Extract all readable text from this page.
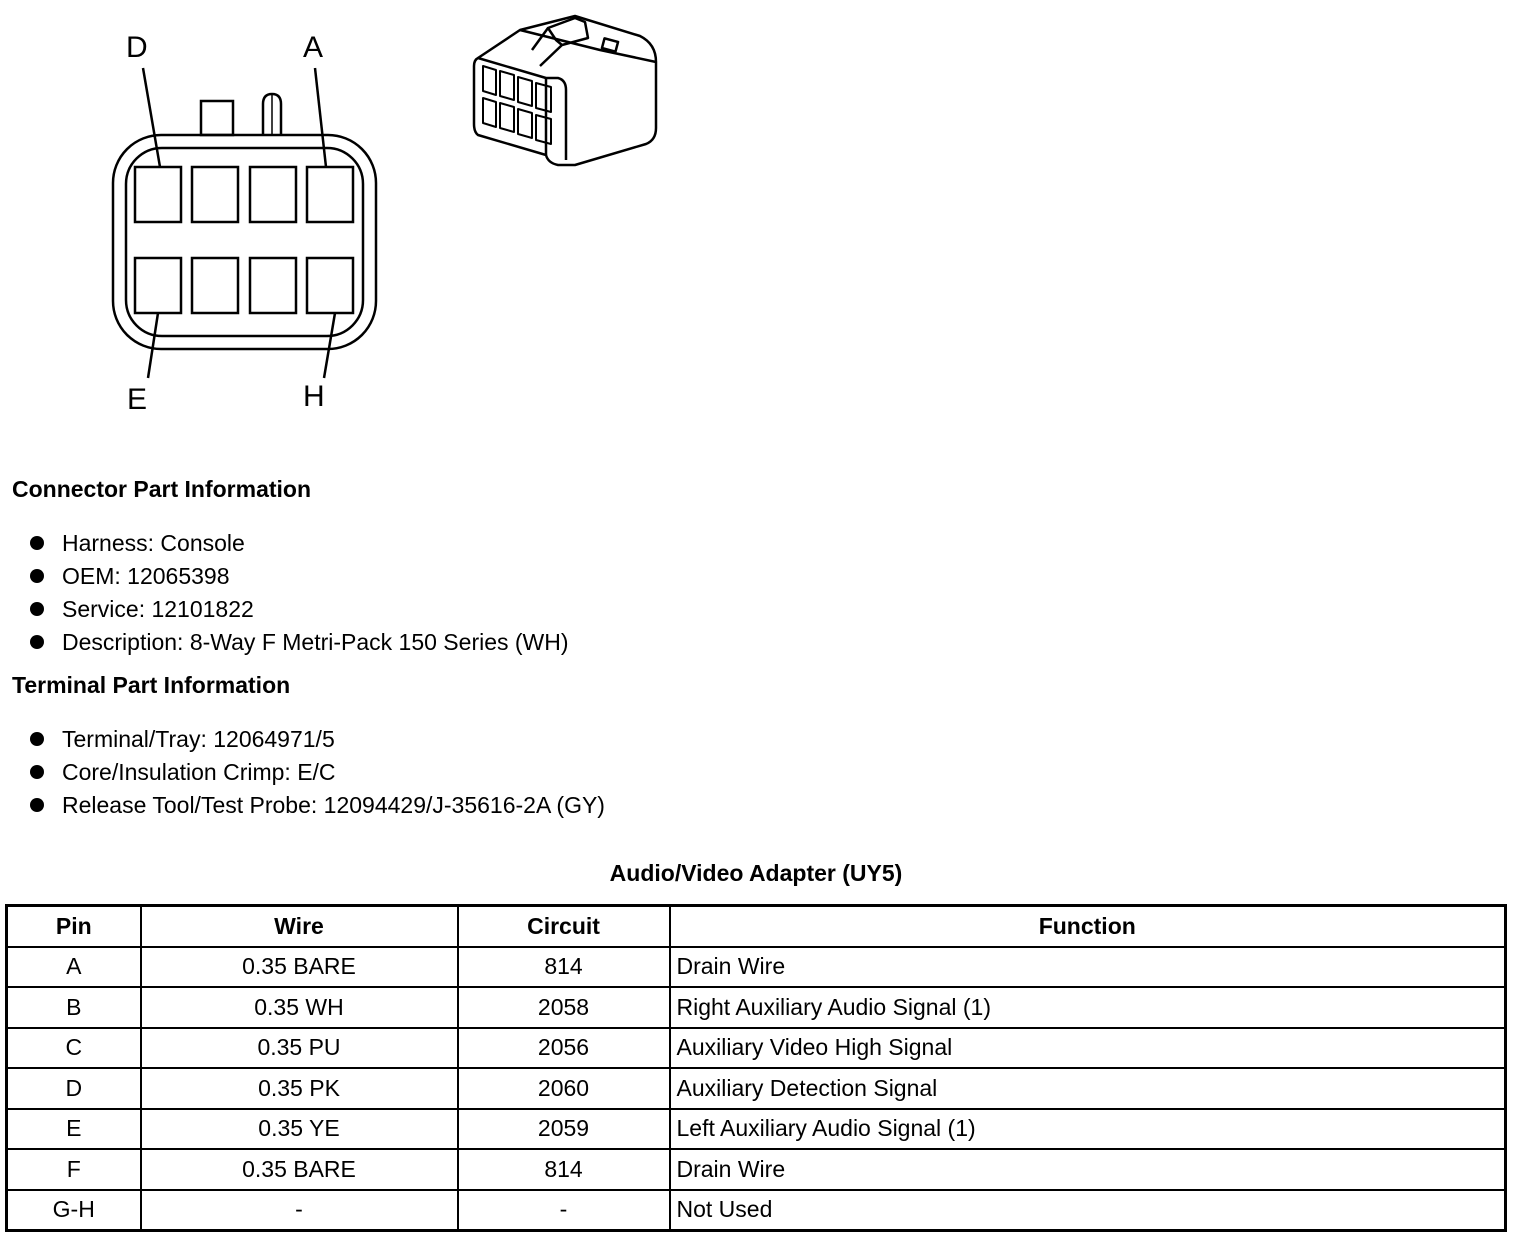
D	A
E	H
Connector Part Information
Harness: Console
OEM: 12065398
Service: 12101822
Description: 8-Way F Metri-Pack 150 Series (WH)
Terminal Part Information
Terminal/Tray: 12064971/5
Core/Insulation Crimp: E/C
Release Tool/Test Probe: 12094429/J-35616-2A (GY)
Audio/Video Adapter (UY5)
Pin	Wire	Circuit	Function
A	0.35 BARE	814	Drain Wire
B	0.35 WH	2058	Right Auxiliary Audio Signal (1)
C	0.35 PU	2056	Auxiliary Video High Signal
D	0.35 PK	2060	Auxiliary Detection Signal
E	0.35 YE	2059	Left Auxiliary Audio Signal (1)
F	0.35 BARE	814	Drain Wire
G-H	-	-	Not Used
